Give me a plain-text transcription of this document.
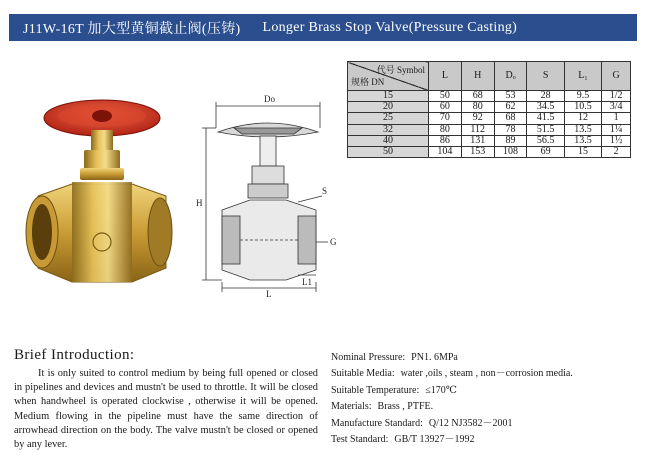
J11W-16T 加大型黄铜截止阀(压铸) Longer Brass Stop Valve(Pressure Casting)
Do
H
S
G
L
L1
代号 Symbol
规格 DN	L	H	Dₒ	S	L₁	G
15	50	68	53	28	9.5	1/2
20	60	80	62	34.5	10.5	3/4
25	70	92	68	41.5	12	1
32	80	112	78	51.5	13.5	1¼
40	86	131	89	56.5	13.5	1½
50	104	153	108	69	15	2
Brief Introduction:

It is only suited to control medium by being full opened or closed in pipelines and devices and mustn't be used to throttle. It will be closed when handwheel is operated clockwise , otherwise it will be opened. Medium flowing in the pipeline must have the same direction of arrowhead direction on the body. The valve mustn't be closed or opened by any lever.

Nominal Pressure: PN1. 6MPa
Suitable Media: water ,oils , steam , non－corrosion media.
Suitable Temperature: ≤170℃
Materials: Brass , PTFE.
Manufacture Standard: Q/12 NJ3582－2001
Test Standard: GB/T 13927－1992
